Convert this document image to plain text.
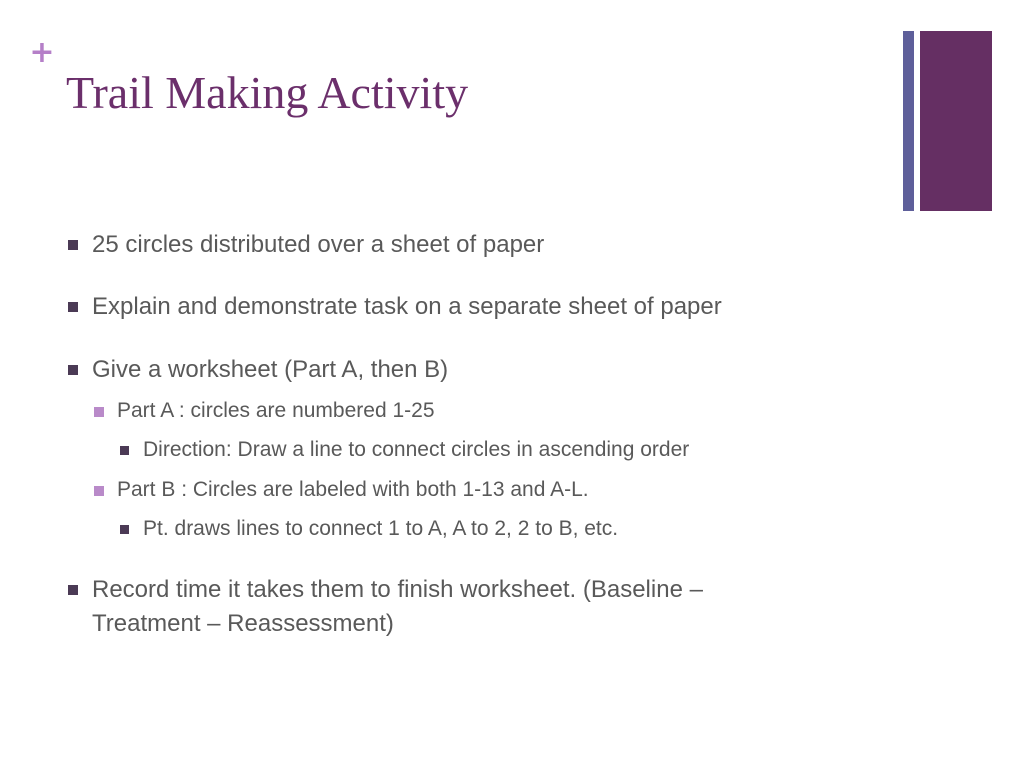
+
Trail Making Activity
25 circles distributed over a sheet of paper
Explain and demonstrate task on a separate sheet of paper
Give a worksheet (Part A, then B)
Part A : circles are numbered 1-25
Direction: Draw a line to connect circles in ascending order
Part B : Circles are labeled with both 1-13 and A-L.
Pt. draws lines to connect 1 to A, A to 2, 2 to B, etc.
Record time it takes them to finish worksheet. (Baseline –
Treatment – Reassessment)
